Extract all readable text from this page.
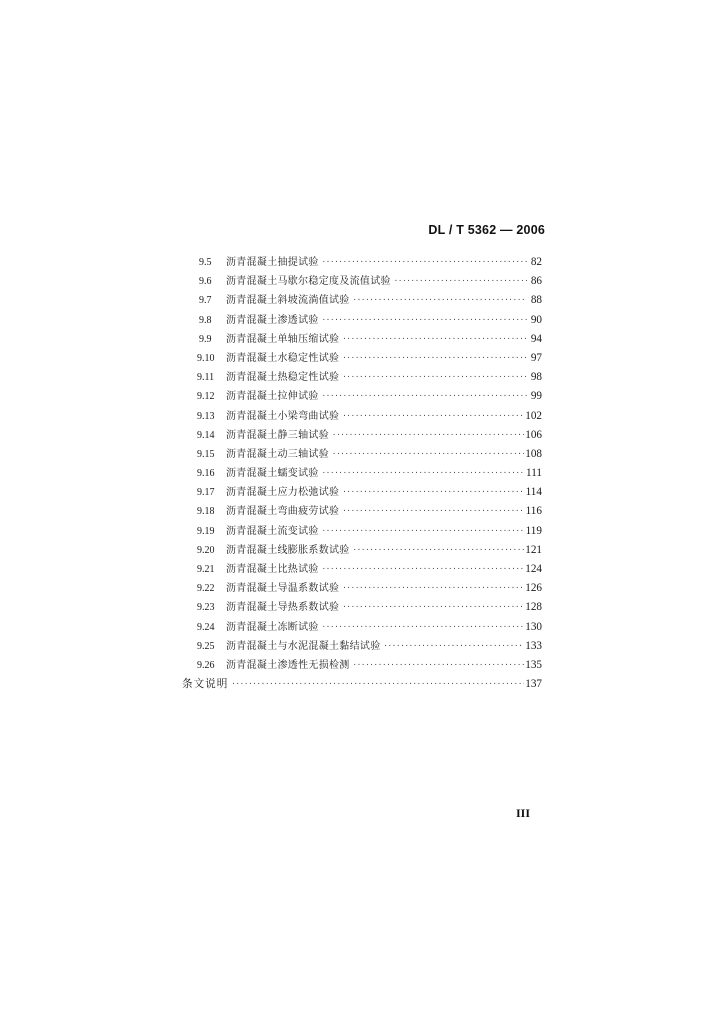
DL / T 5362 — 2006
9.5	沥青混凝土抽提试验 ·····	82
9.6	沥青混凝土马歇尔稳定度及流值试验 ·····	86
9.7	沥青混凝土斜坡流淌值试验 ·····	88
9.8	沥青混凝土渗透试验 ·····	90
9.9	沥青混凝土单轴压缩试验 ·····	94
9.10	沥青混凝土水稳定性试验 ·····	97
9.11	沥青混凝土热稳定性试验 ·····	98
9.12	沥青混凝土拉伸试验 ·····	99
9.13	沥青混凝土小梁弯曲试验 ·····	102
9.14	沥青混凝土静三轴试验 ·····	106
9.15	沥青混凝土动三轴试验 ·····	108
9.16	沥青混凝土蠕变试验 ·····	111
9.17	沥青混凝土应力松弛试验 ·····	114
9.18	沥青混凝土弯曲疲劳试验 ·····	116
9.19	沥青混凝土流变试验 ·····	119
9.20	沥青混凝土线膨胀系数试验 ·····	121
9.21	沥青混凝土比热试验 ·····	124
9.22	沥青混凝土导温系数试验 ·····	126
9.23	沥青混凝土导热系数试验 ·····	128
9.24	沥青混凝土冻断试验 ·····	130
9.25	沥青混凝土与水泥混凝土黏结试验 ·····	133
9.26	沥青混凝土渗透性无损检测 ·····	135
条文说明 ·····	137
III
